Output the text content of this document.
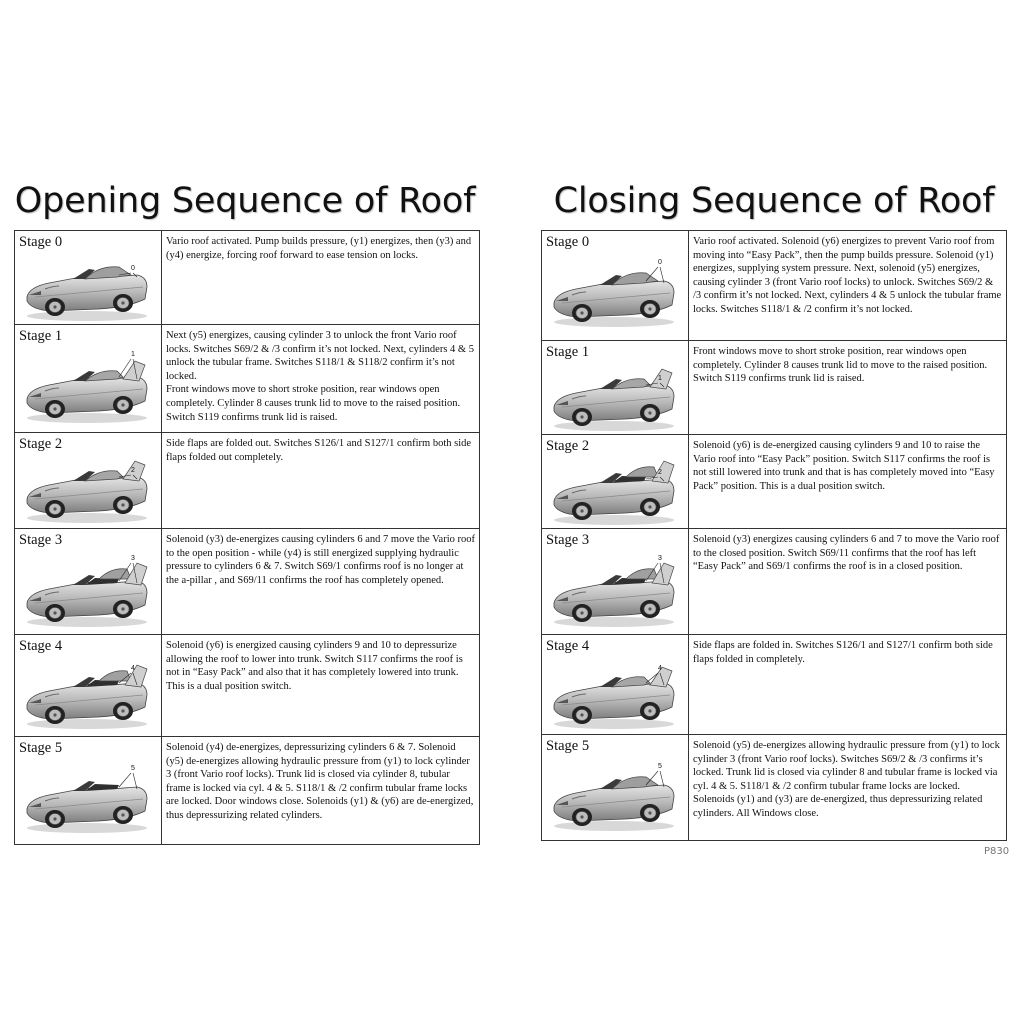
Opening Sequence of Roof
Stage 0
0	Vario roof activated. Pump builds pressure, (y1) energizes, then (y3) and (y4) energize, forcing roof forward to ease tension on locks.

Stage 1
1	Next (y5) energizes, causing cylinder 3 to unlock the front Vario roof locks. Switches S69/2 & /3 confirm it’s not locked. Next, cylinders 4 & 5 unlock the tubular frame. Switches S118/1 & S118/2 confirm it’s not locked.
Front windows move to short stroke position, rear windows open completely. Cylinder 8 causes trunk lid to move to the raised position. Switch S119 confirms trunk lid is raised.

Stage 2
2	Side flaps are folded out. Switches S126/1 and S127/1 confirm both side flaps folded out completely.

Stage 3
3	Solenoid (y3) de-energizes causing cylinders 6 and 7 move the Vario roof to the open position - while (y4) is still energized supplying hydraulic pressure to cylinders 6 & 7. Switch S69/1 confirms roof is no longer at the a-pillar , and S69/11 confirms the roof has completely opened.

Stage 4
4	Solenoid (y6) is energized causing cylinders 9 and 10 to depressurize allowing the roof to lower into trunk. Switch S117 confirms the roof is not in “Easy Pack” and also that it has completely lowered into trunk. This is a dual position switch.

Stage 5
5	Solenoid (y4) de-energizes, depressurizing cylinders 6 & 7. Solenoid (y5) de-energizes allowing hydraulic pressure from (y1) to lock cylinder 3 (front Vario roof locks). Trunk lid is closed via cylinder 8, tubular frame is locked via cyl. 4 & 5. S118/1 & /2 confirm tubular frame locks are locked. Door windows close. Solenoids (y1) & (y6) are de-energized, thus depressurizing related cylinders.
Closing Sequence of Roof
Stage 0
0	Vario roof activated. Solenoid (y6) energizes to prevent Vario roof from moving into “Easy Pack”, then the pump builds pressure. Solenoid (y1) energizes, supplying system pressure. Next, solenoid (y5) energizes, causing cylinder 3 (front Vario roof locks) to unlock. Switches S69/2 & /3 confirm it’s not locked. Next, cylinders 4 & 5 unlock the tubular frame locks. Switches S118/1 & /2 confirm it’s not locked.

Stage 1
1	Front windows move to short stroke position, rear windows open completely. Cylinder 8 causes trunk lid to move to the raised position. Switch S119 confirms trunk lid is raised.

Stage 2
2	Solenoid (y6) is de-energized causing cylinders 9 and 10 to raise the Vario roof into “Easy Pack” position. Switch S117 confirms the roof is not still lowered into trunk and that is has completely moved into “Easy Pack” position. This is a dual position switch.

Stage 3
3	Solenoid (y3) energizes causing cylinders 6 and 7 to move the Vario roof to the closed position. Switch S69/11 confirms that the roof has left “Easy Pack” and S69/1 confirms the roof is in a closed position.

Stage 4
4	Side flaps are folded in. Switches S126/1 and S127/1 confirm both side flaps folded in completely.

Stage 5
5	Solenoid (y5) de-energizes allowing hydraulic pressure from (y1) to lock cylinder 3 (front Vario roof locks). Switches S69/2 & /3 confirms it’s locked. Trunk lid is closed via cylinder 8 and tubular frame is locked via cyl. 4 & 5. S118/1 & /2 confirm tubular frame locks are locked. Solenoids (y1) and (y3) are de-energized, thus depressurizing related cylinders. All Windows close.
P830
